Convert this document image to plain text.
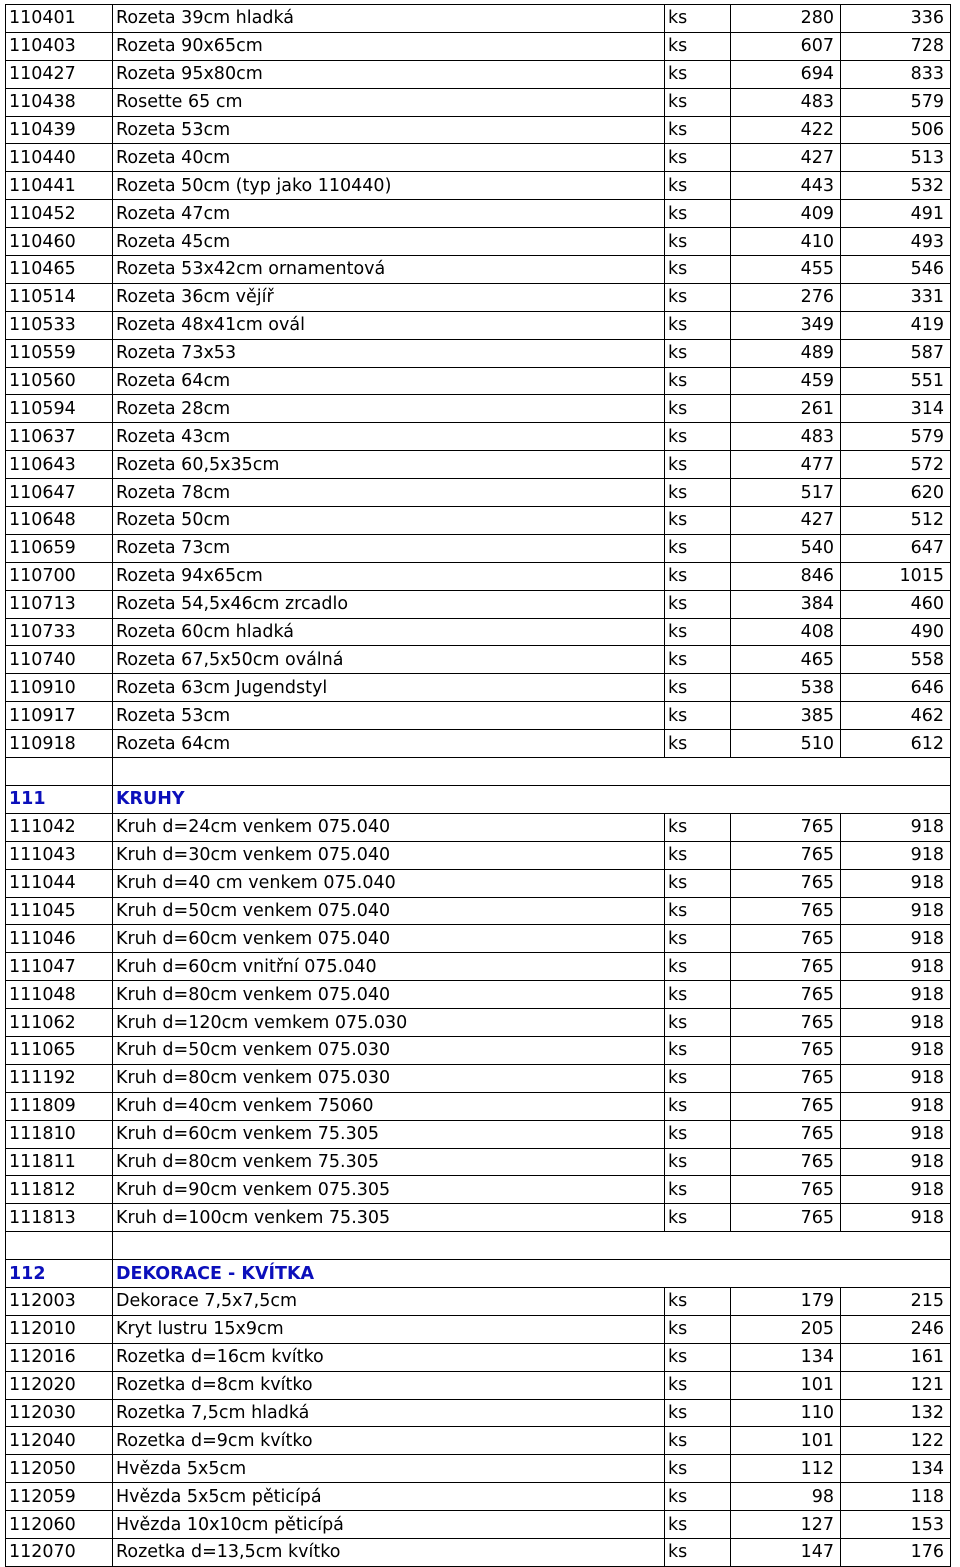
110401	Rozeta 39cm hladká	ks	280	336
110403	Rozeta 90x65cm	ks	607	728
110427	Rozeta 95x80cm	ks	694	833
110438	Rosette 65 cm	ks	483	579
110439	Rozeta 53cm	ks	422	506
110440	Rozeta 40cm	ks	427	513
110441	Rozeta 50cm (typ jako 110440)	ks	443	532
110452	Rozeta 47cm	ks	409	491
110460	Rozeta 45cm	ks	410	493
110465	Rozeta 53x42cm ornamentová	ks	455	546
110514	Rozeta 36cm vějíř	ks	276	331
110533	Rozeta 48x41cm ovál	ks	349	419
110559	Rozeta 73x53	ks	489	587
110560	Rozeta 64cm	ks	459	551
110594	Rozeta 28cm	ks	261	314
110637	Rozeta 43cm	ks	483	579
110643	Rozeta 60,5x35cm	ks	477	572
110647	Rozeta 78cm	ks	517	620
110648	Rozeta 50cm	ks	427	512
110659	Rozeta 73cm	ks	540	647
110700	Rozeta 94x65cm	ks	846	1015
110713	Rozeta 54,5x46cm zrcadlo	ks	384	460
110733	Rozeta 60cm hladká	ks	408	490
110740	Rozeta 67,5x50cm oválná	ks	465	558
110910	Rozeta 63cm Jugendstyl	ks	538	646
110917	Rozeta 53cm	ks	385	462
110918	Rozeta 64cm	ks	510	612

111	KRUHY			
111042	Kruh d=24cm venkem 075.040	ks	765	918
111043	Kruh d=30cm venkem 075.040	ks	765	918
111044	Kruh d=40 cm venkem 075.040	ks	765	918
111045	Kruh d=50cm venkem 075.040	ks	765	918
111046	Kruh d=60cm venkem 075.040	ks	765	918
111047	Kruh d=60cm vnitřní 075.040	ks	765	918
111048	Kruh d=80cm venkem 075.040	ks	765	918
111062	Kruh d=120cm vemkem 075.030	ks	765	918
111065	Kruh d=50cm venkem 075.030	ks	765	918
111192	Kruh d=80cm venkem 075.030	ks	765	918
111809	Kruh d=40cm venkem 75060	ks	765	918
111810	Kruh d=60cm venkem 75.305	ks	765	918
111811	Kruh d=80cm venkem 75.305	ks	765	918
111812	Kruh d=90cm venkem 075.305	ks	765	918
111813	Kruh d=100cm venkem 75.305	ks	765	918

112	DEKORACE - KVÍTKA			
112003	Dekorace 7,5x7,5cm	ks	179	215
112010	Kryt lustru 15x9cm	ks	205	246
112016	Rozetka d=16cm kvítko	ks	134	161
112020	Rozetka d=8cm kvítko	ks	101	121
112030	Rozetka 7,5cm hladká	ks	110	132
112040	Rozetka d=9cm kvítko	ks	101	122
112050	Hvězda 5x5cm	ks	112	134
112059	Hvězda 5x5cm pěticípá	ks	98	118
112060	Hvězda 10x10cm pěticípá	ks	127	153
112070	Rozetka d=13,5cm kvítko	ks	147	176
